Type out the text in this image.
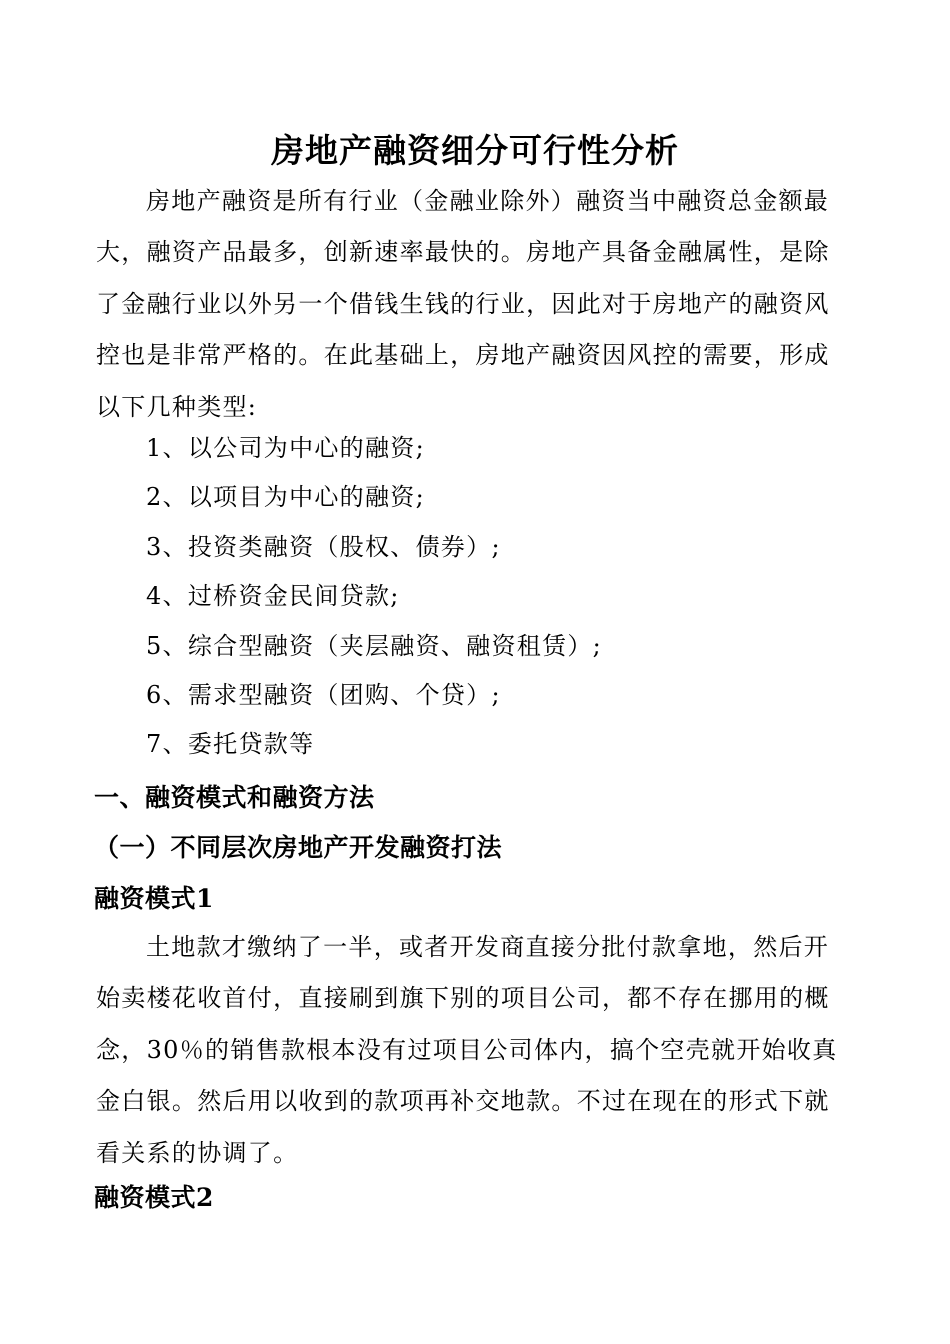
房地产融资细分可行性分析
房地产融资是所有行业（金融业除外）融资当中融资总金额最
大，融资产品最多，创新速率最快的。房地产具备金融属性，是除
了金融行业以外另一个借钱生钱的行业，因此对于房地产的融资风
控也是非常严格的。在此基础上，房地产融资因风控的需要，形成
以下几种类型:
1、以公司为中心的融资;
2、以项目为中心的融资;
3、投资类融资（股权、债券）;
4、过桥资金民间贷款;
5、综合型融资（夹层融资、融资租赁）;
6、需求型融资（团购、个贷）;
7、委托贷款等
一、融资模式和融资方法
（一）不同层次房地产开发融资打法
融资模式1
土地款才缴纳了一半，或者开发商直接分批付款拿地，然后开
始卖楼花收首付，直接刷到旗下别的项目公司，都不存在挪用的概
念，30％的销售款根本没有过项目公司体内，搞个空壳就开始收真
金白银。然后用以收到的款项再补交地款。不过在现在的形式下就
看关系的协调了。
融资模式2
